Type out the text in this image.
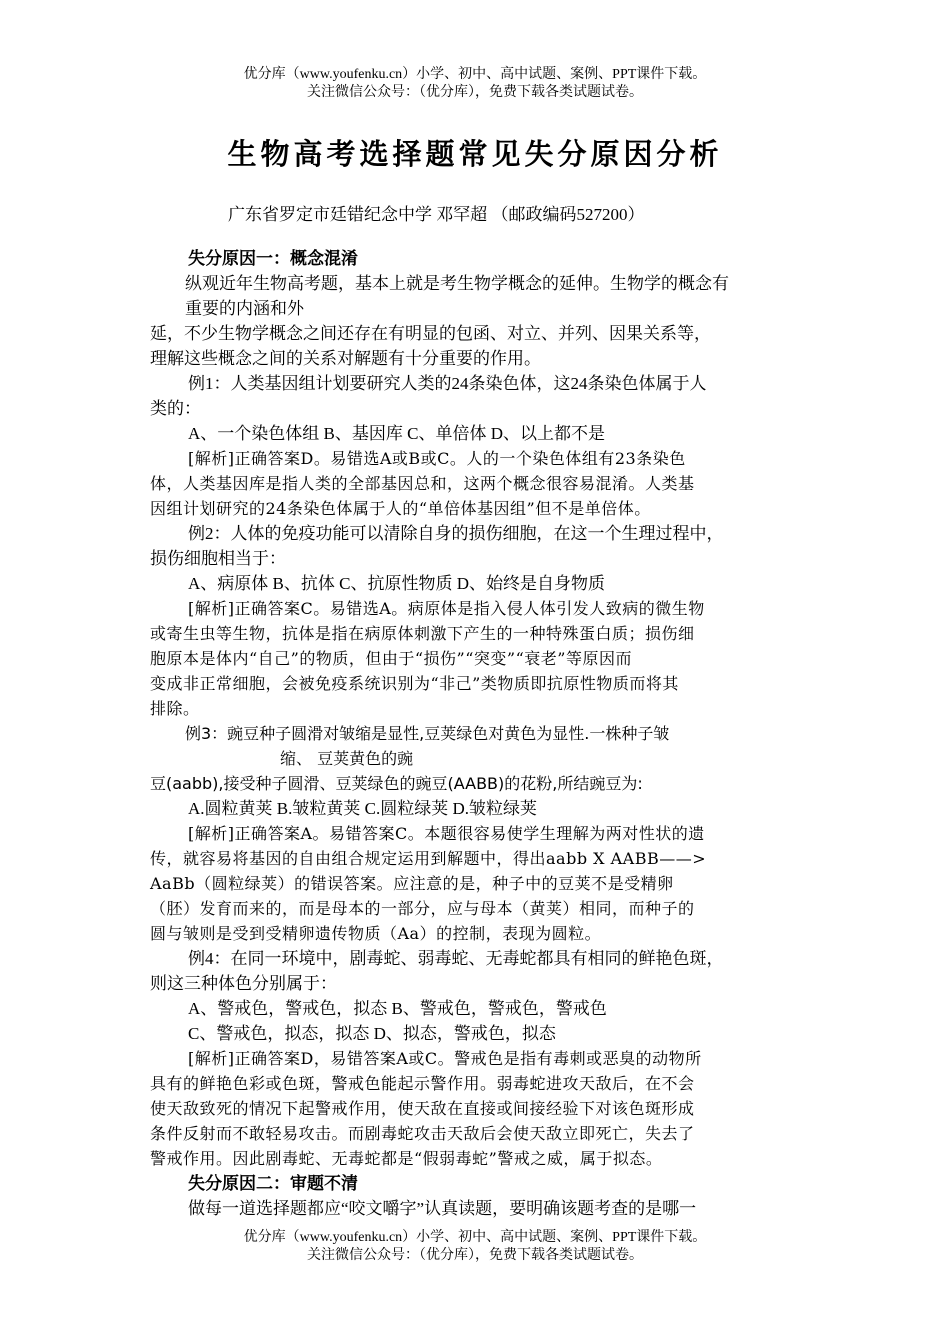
优分库（www.youfenku.cn）小学、初中、高中试题、案例、PPT课件下载。
关注微信公众号：（优分库），免费下载各类试题试卷。
生物高考选择题常见失分原因分析
广东省罗定市廷错纪念中学 邓罕超 （邮政编码527200）

失分原因一：概念混淆

纵观近年生物高考题，基本上就是考生物学概念的延伸。生物学的概念有

重要的内涵和外

延，不少生物学概念之间还存在有明显的包函、对立、并列、因果关系等，

理解这些概念之间的关系对解题有十分重要的作用。

例1：人类基因组计划要研究人类的24条染色体，这24条染色体属于人

类的：

A、一个染色体组 B、基因库 C、单倍体 D、以上都不是

[解析]正确答案D。易错选A或B或C。人的一个染色体组有23条染色

体，人类基因库是指人类的全部基因总和，这两个概念很容易混淆。人类基

因组计划研究的24条染色体属于人的“单倍体基因组”但不是单倍体。

例2：人体的免疫功能可以清除自身的损伤细胞，在这一个生理过程中，

损伤细胞相当于：

A、病原体 B、抗体 C、抗原性物质 D、始终是自身物质

[解析]正确答案C。易错选A。病原体是指入侵人体引发人致病的微生物

或寄生虫等生物，抗体是指在病原体刺激下产生的一种特殊蛋白质；损伤细

胞原本是体内“自己”的物质，但由于“损伤”“突变”“衰老”等原因而

变成非正常细胞，会被免疫系统识别为“非己”类物质即抗原性物质而将其

排除。

例3：豌豆种子圆滑对皱缩是显性,豆荚绿色对黄色为显性.一株种子皱

缩、 豆荚黄色的豌

豆(aabb),接受种子圆滑、豆荚绿色的豌豆(AABB)的花粉,所结豌豆为:

A.圆粒黄荚 B.皱粒黄荚 C.圆粒绿荚 D.皱粒绿荚

[解析]正确答案A。易错答案C。本题很容易使学生理解为两对性状的遗

传，就容易将基因的自由组合规定运用到解题中，得出aabb X AABB——>

AaBb（圆粒绿荚）的错误答案。应注意的是，种子中的豆荚不是受精卵

（胚）发育而来的，而是母本的一部分，应与母本（黄荚）相同，而种子的

圆与皱则是受到受精卵遗传物质（Aa）的控制，表现为圆粒。

例4：在同一环境中，剧毒蛇、弱毒蛇、无毒蛇都具有相同的鲜艳色斑，

则这三种体色分别属于：

A、警戒色，警戒色，拟态 B、警戒色，警戒色，警戒色

C、警戒色，拟态，拟态 D、拟态，警戒色，拟态

[解析]正确答案D，易错答案A或C。警戒色是指有毒刺或恶臭的动物所

具有的鲜艳色彩或色斑，警戒色能起示警作用。弱毒蛇进攻天敌后，在不会

使天敌致死的情况下起警戒作用，使天敌在直接或间接经验下对该色斑形成

条件反射而不敢轻易攻击。而剧毒蛇攻击天敌后会使天敌立即死亡，失去了

警戒作用。因此剧毒蛇、无毒蛇都是“假弱毒蛇”警戒之威，属于拟态。

失分原因二：审题不清

做每一道选择题都应“咬文嚼字”认真读题，要明确该题考查的是哪一

优分库（www.youfenku.cn）小学、初中、高中试题、案例、PPT课件下载。
关注微信公众号：（优分库），免费下载各类试题试卷。
